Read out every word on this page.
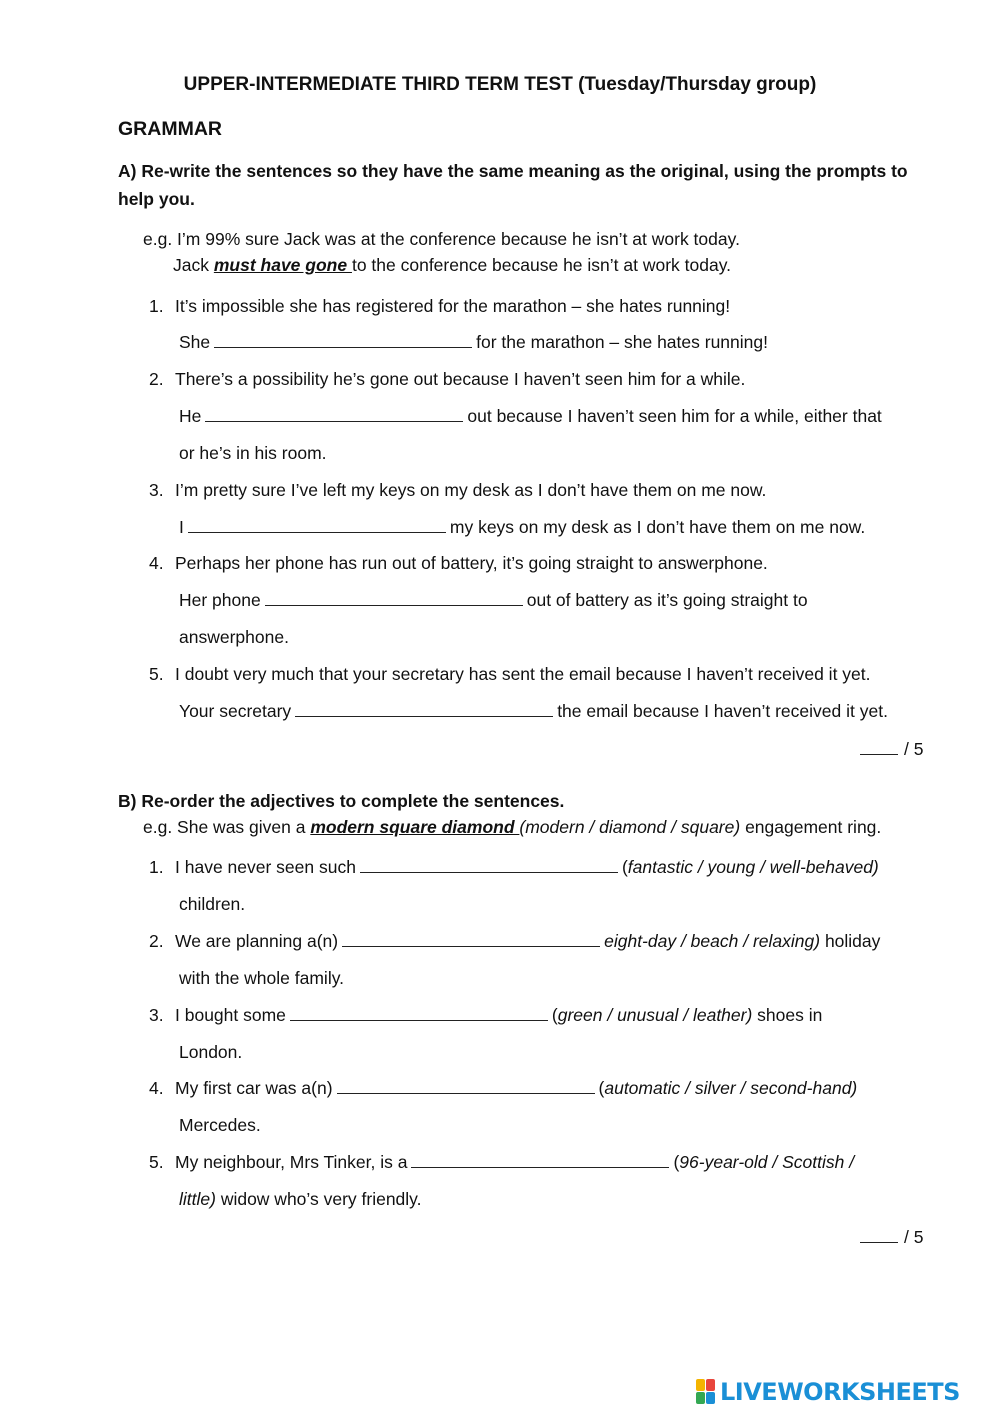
UPPER-INTERMEDIATE THIRD TERM TEST (Tuesday/Thursday group)
GRAMMAR
A) Re-write the sentences so they have the same meaning as the original, using the prompts to
help you.
e.g. I’m 99% sure Jack was at the conference because he isn’t at work today.
Jack must have gone to the conference because he isn’t at work today.
1. It’s impossible she has registered for the marathon – she hates running!
She	for the marathon – she hates running!
2. There’s a possibility he’s gone out because I haven’t seen him for a while.
He	out because I haven’t seen him for a while, either that
or he’s in his room.
3. I’m pretty sure I’ve left my keys on my desk as I don’t have them on me now.
I	my keys on my desk as I don’t have them on me now.
4. Perhaps her phone has run out of battery, it’s going straight to answerphone.
Her phone	out of battery as it’s going straight to
answerphone.
5. I doubt very much that your secretary has sent the email because I haven’t received it yet.
Your secretary	the email because I haven’t received it yet.
/ 5
B) Re-order the adjectives to complete the sentences.
e.g. She was given a modern square diamond (modern / diamond / square) engagement ring.
1. I have never seen such	(fantastic / young / well-behaved)
children.
2. We are planning a(n)	eight-day / beach / relaxing) holiday
with the whole family.
3. I bought some	(green / unusual / leather) shoes in
London.
4. My first car was a(n)	(automatic / silver / second-hand)
Mercedes.
5. My neighbour, Mrs Tinker, is a	(96-year-old / Scottish /
little) widow who’s very friendly.
/ 5
LIVEWORKSHEETS
